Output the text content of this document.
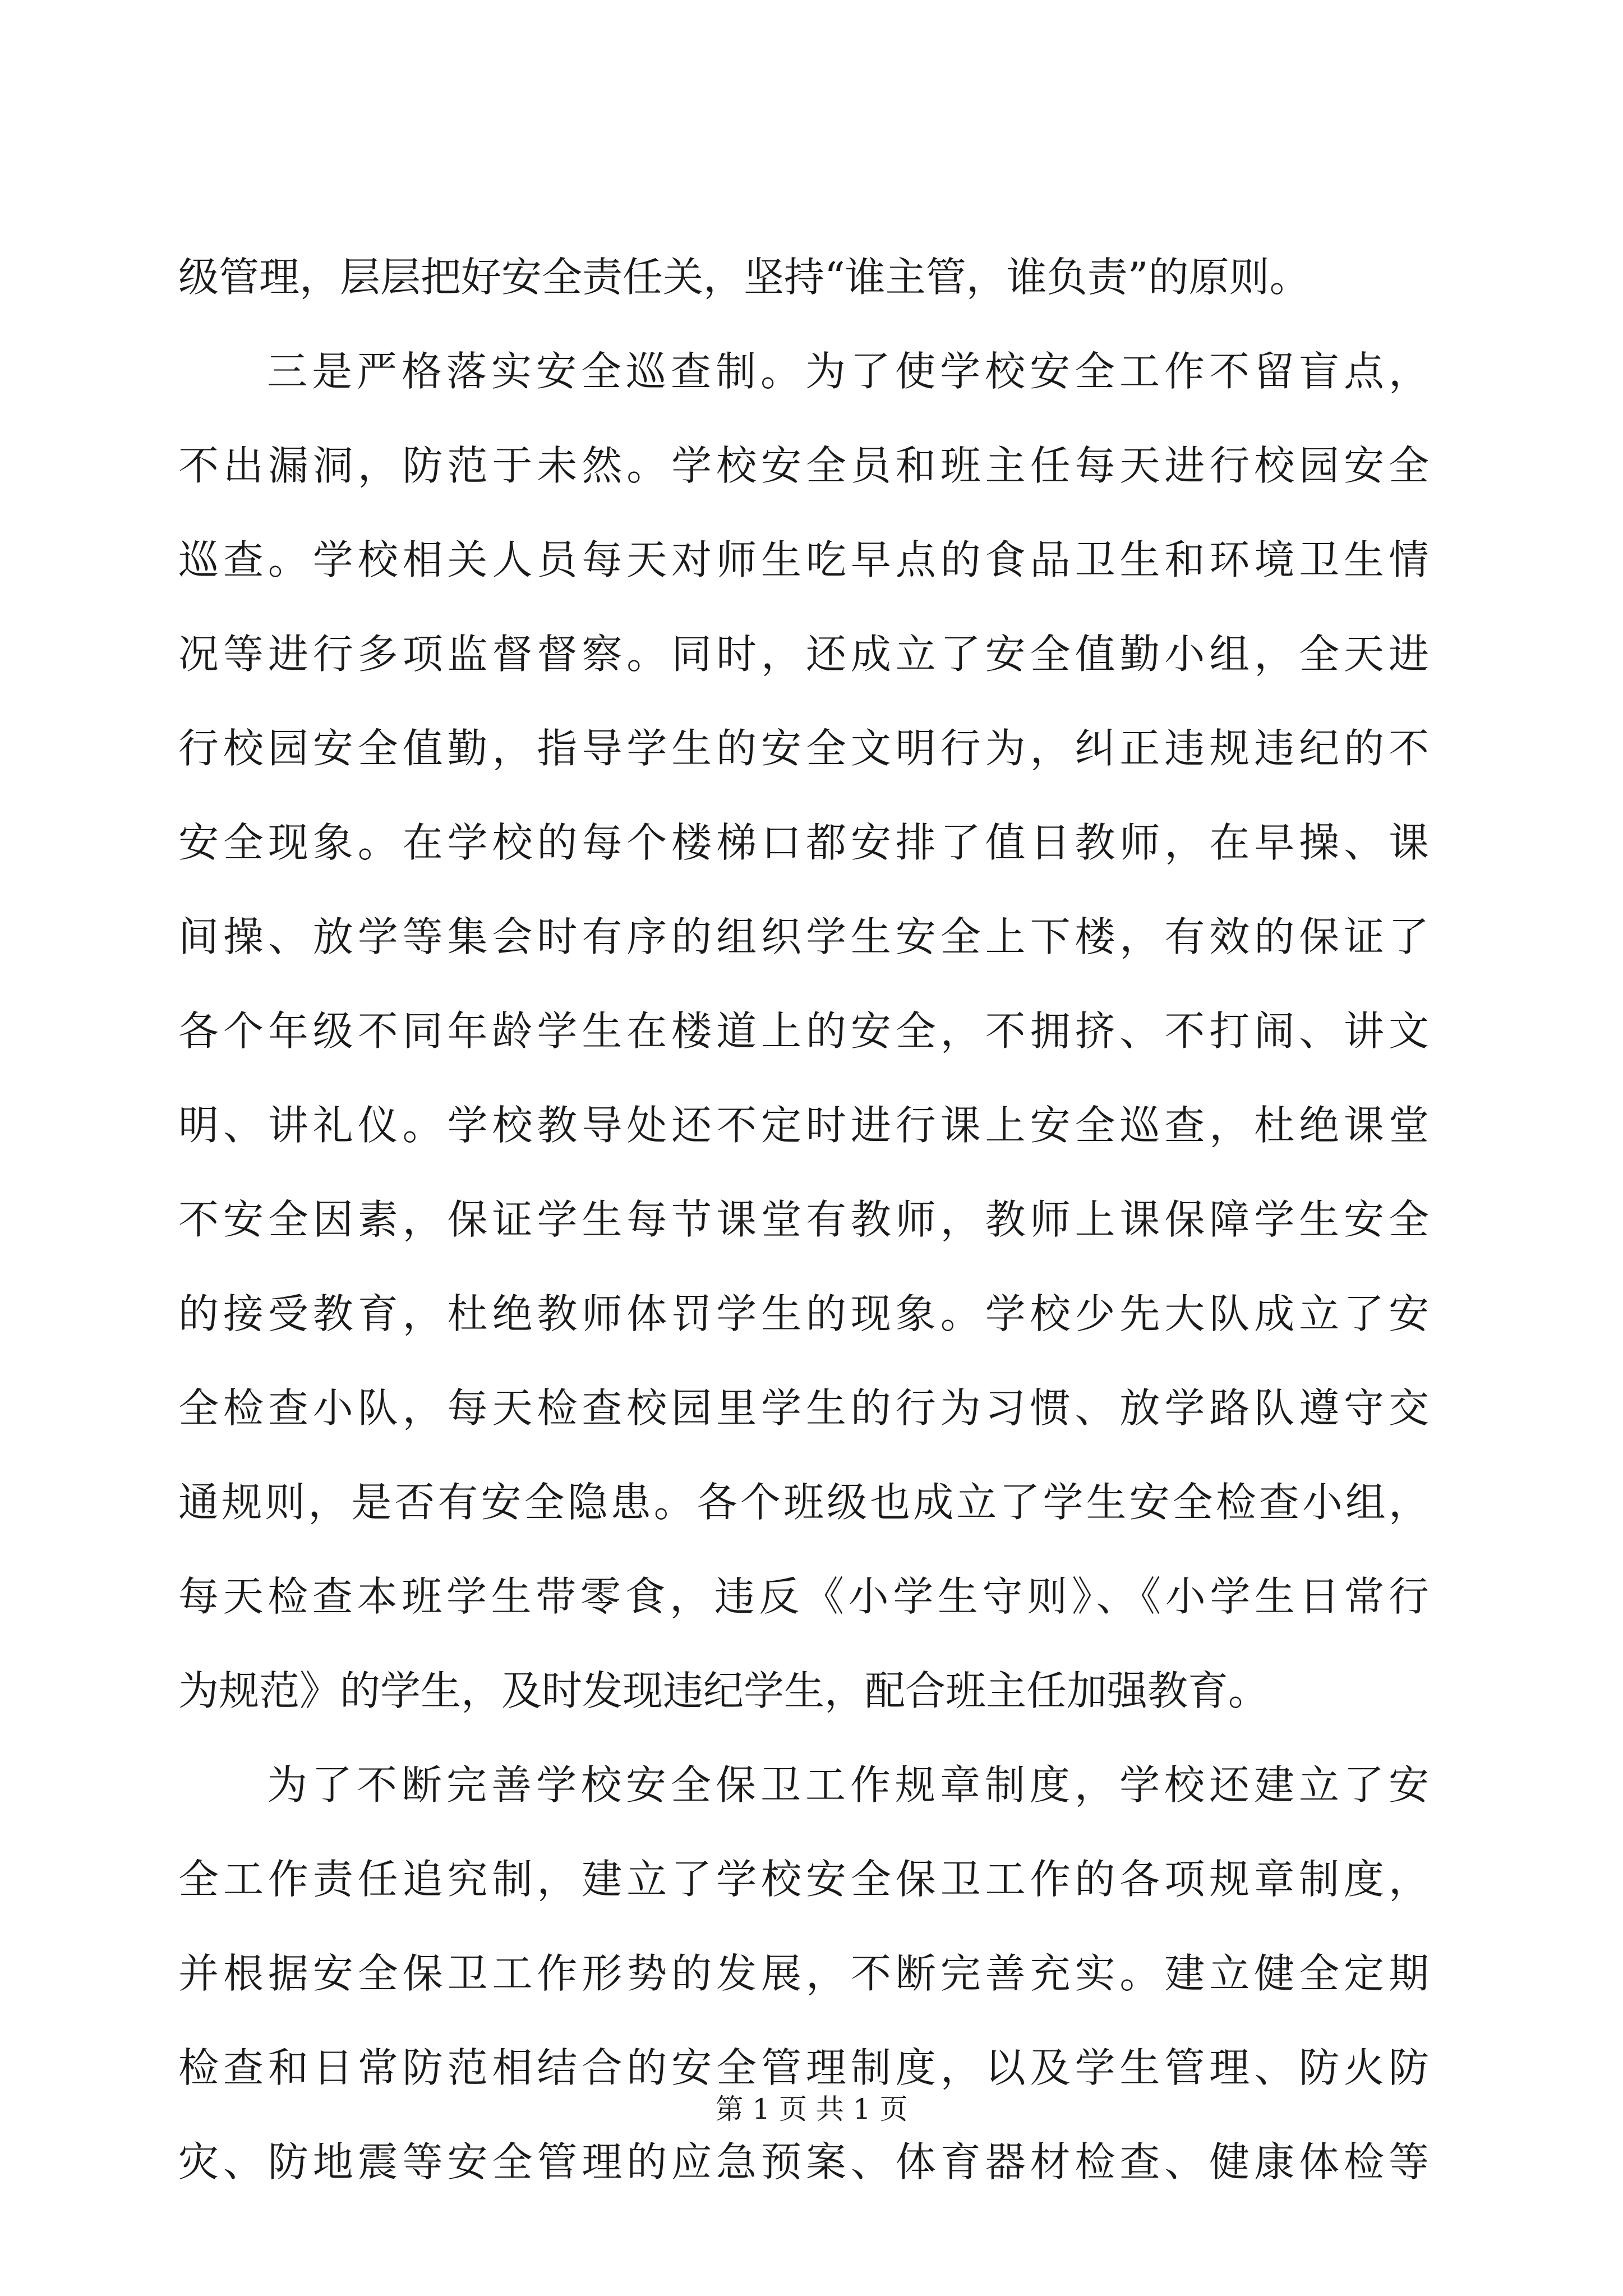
级管理，层层把好安全责任关，坚持“谁主管，谁负责”的原则。
三是严格落实安全巡查制。为了使学校安全工作不留盲点，
不出漏洞，防范于未然。学校安全员和班主任每天进行校园安全
巡查。学校相关人员每天对师生吃早点的食品卫生和环境卫生情
况等进行多项监督督察。同时，还成立了安全值勤小组，全天进
行校园安全值勤，指导学生的安全文明行为，纠正违规违纪的不
安全现象。在学校的每个楼梯口都安排了值日教师，在早操、课
间操、放学等集会时有序的组织学生安全上下楼，有效的保证了
各个年级不同年龄学生在楼道上的安全，不拥挤、不打闹、讲文
明、讲礼仪。学校教导处还不定时进行课上安全巡查，杜绝课堂
不安全因素，保证学生每节课堂有教师，教师上课保障学生安全
的接受教育，杜绝教师体罚学生的现象。学校少先大队成立了安
全检查小队，每天检查校园里学生的行为习惯、放学路队遵守交
通规则，是否有安全隐患。各个班级也成立了学生安全检查小组，
每天检查本班学生带零食，违反《小学生守则》、《小学生日常行
为规范》的学生，及时发现违纪学生，配合班主任加强教育。
为了不断完善学校安全保卫工作规章制度，学校还建立了安
全工作责任追究制，建立了学校安全保卫工作的各项规章制度，
并根据安全保卫工作形势的发展，不断完善充实。建立健全定期
检查和日常防范相结合的安全管理制度，以及学生管理、防火防
灾、防地震等安全管理的应急预案、体育器材检查、健康体检等
第 1 页 共 1 页
